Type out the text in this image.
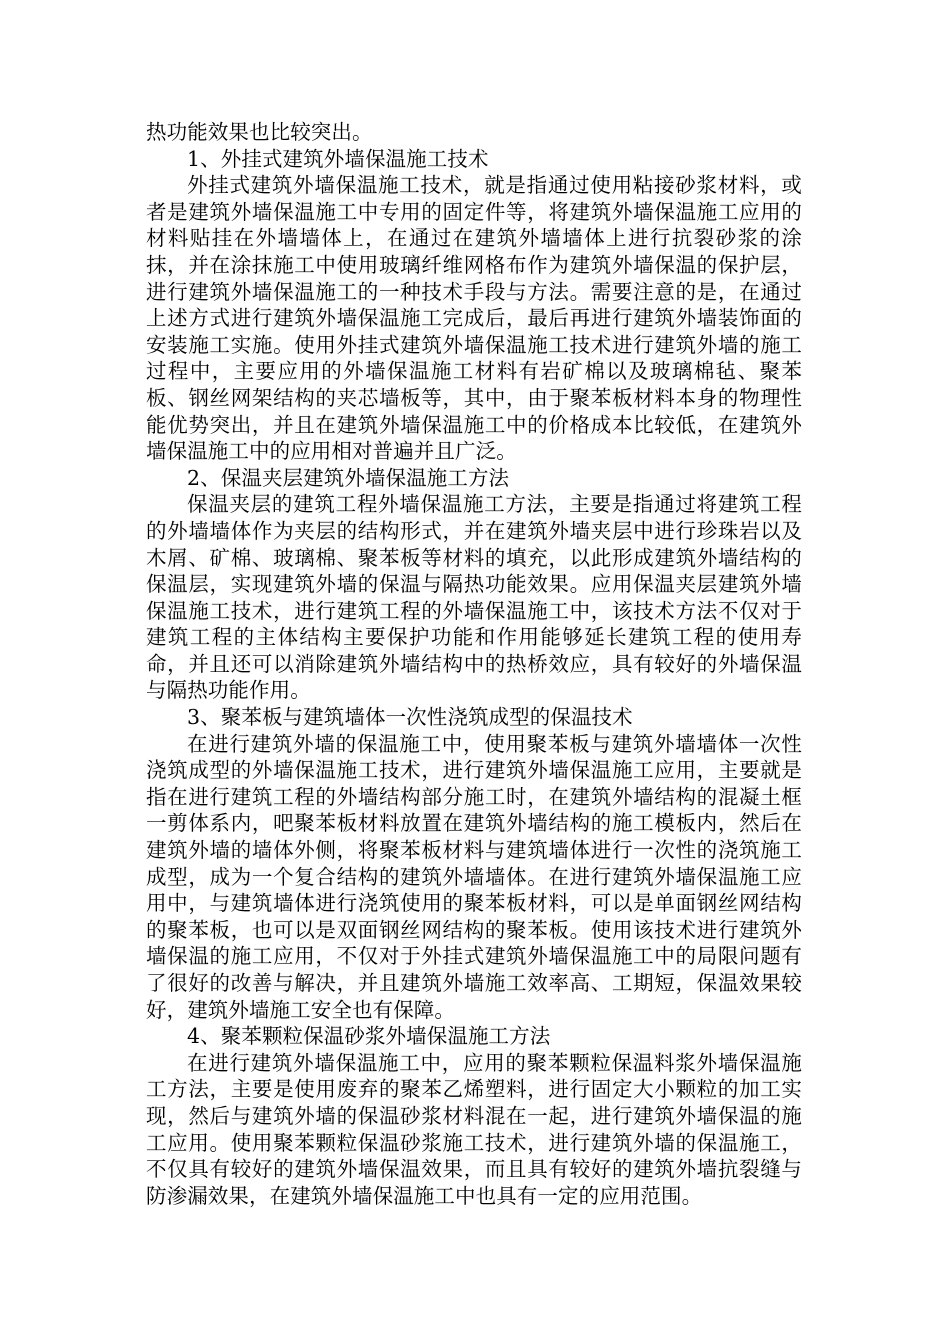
热功能效果也比较突出。

1、外挂式建筑外墙保温施工技术

外挂式建筑外墙保温施工技术，就是指通过使用粘接砂浆材料，或者是建筑外墙保温施工中专用的固定件等，将建筑外墙保温施工应用的材料贴挂在外墙墙体上，在通过在建筑外墙墙体上进行抗裂砂浆的涂抹，并在涂抹施工中使用玻璃纤维网格布作为建筑外墙保温的保护层，进行建筑外墙保温施工的一种技术手段与方法。需要注意的是，在通过上述方式进行建筑外墙保温施工完成后，最后再进行建筑外墙装饰面的安装施工实施。使用外挂式建筑外墙保温施工技术进行建筑外墙的施工过程中，主要应用的外墙保温施工材料有岩矿棉以及玻璃棉毡、聚苯板、钢丝网架结构的夹芯墙板等，其中，由于聚苯板材料本身的物理性能优势突出，并且在建筑外墙保温施工中的价格成本比较低，在建筑外墙保温施工中的应用相对普遍并且广泛。

2、保温夹层建筑外墙保温施工方法

保温夹层的建筑工程外墙保温施工方法，主要是指通过将建筑工程的外墙墙体作为夹层的结构形式，并在建筑外墙夹层中进行珍珠岩以及木屑、矿棉、玻璃棉、聚苯板等材料的填充，以此形成建筑外墙结构的保温层，实现建筑外墙的保温与隔热功能效果。应用保温夹层建筑外墙保温施工技术，进行建筑工程的外墙保温施工中，该技术方法不仅对于建筑工程的主体结构主要保护功能和作用能够延长建筑工程的使用寿命，并且还可以消除建筑外墙结构中的热桥效应，具有较好的外墙保温与隔热功能作用。

3、聚苯板与建筑墙体一次性浇筑成型的保温技术

在进行建筑外墙的保温施工中，使用聚苯板与建筑外墙墙体一次性浇筑成型的外墙保温施工技术，进行建筑外墙保温施工应用，主要就是指在进行建筑工程的外墙结构部分施工时，在建筑外墙结构的混凝土框一剪体系内，吧聚苯板材料放置在建筑外墙结构的施工模板内，然后在建筑外墙的墙体外侧，将聚苯板材料与建筑墙体进行一次性的浇筑施工成型，成为一个复合结构的建筑外墙墙体。在进行建筑外墙保温施工应用中，与建筑墙体进行浇筑使用的聚苯板材料，可以是单面钢丝网结构的聚苯板，也可以是双面钢丝网结构的聚苯板。使用该技术进行建筑外墙保温的施工应用，不仅对于外挂式建筑外墙保温施工中的局限问题有了很好的改善与解决，并且建筑外墙施工效率高、工期短，保温效果较好，建筑外墙施工安全也有保障。

4、聚苯颗粒保温砂浆外墙保温施工方法

在进行建筑外墙保温施工中，应用的聚苯颗粒保温料浆外墙保温施工方法，主要是使用废弃的聚苯乙烯塑料，进行固定大小颗粒的加工实现，然后与建筑外墙的保温砂浆材料混在一起，进行建筑外墙保温的施工应用。使用聚苯颗粒保温砂浆施工技术，进行建筑外墙的保温施工，不仅具有较好的建筑外墙保温效果，而且具有较好的建筑外墙抗裂缝与防渗漏效果，在建筑外墙保温施工中也具有一定的应用范围。
